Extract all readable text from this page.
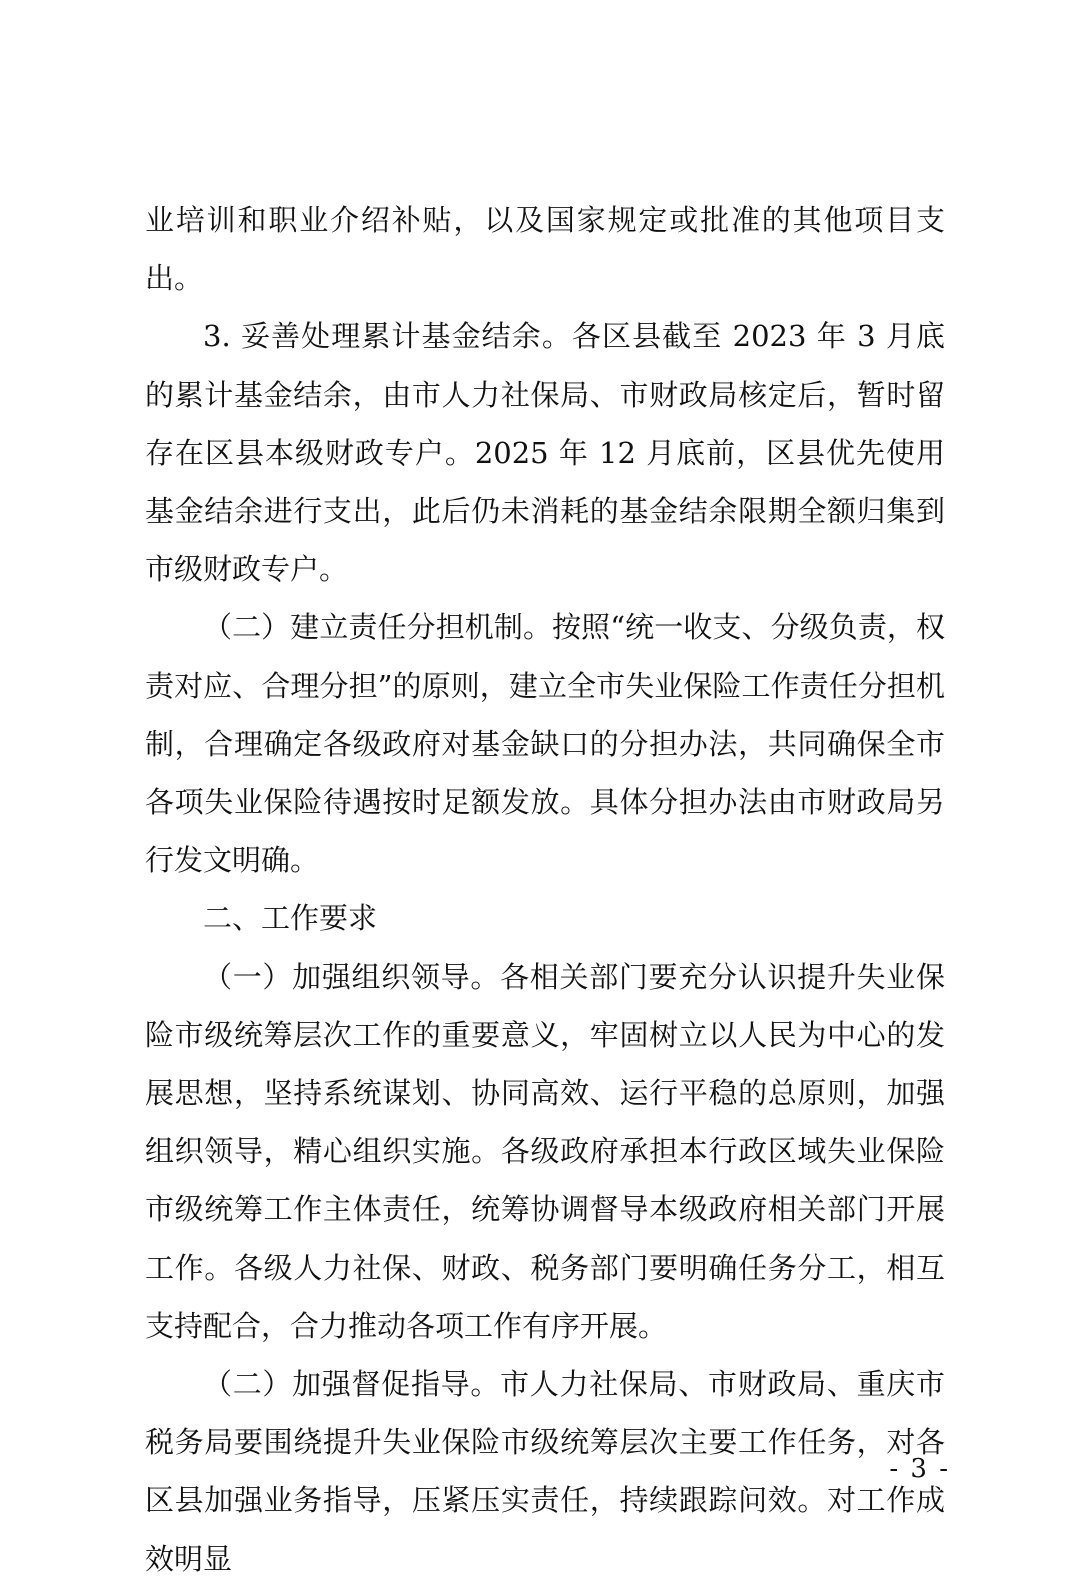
业培训和职业介绍补贴，以及国家规定或批准的其他项目支出。

3. 妥善处理累计基金结余。各区县截至 2023 年 3 月底的累计基金结余，由市人力社保局、市财政局核定后，暂时留存在区县本级财政专户。2025 年 12 月底前，区县优先使用基金结余进行支出，此后仍未消耗的基金结余限期全额归集到市级财政专户。

（二）建立责任分担机制。按照“统一收支、分级负责，权责对应、合理分担”的原则，建立全市失业保险工作责任分担机制，合理确定各级政府对基金缺口的分担办法，共同确保全市各项失业保险待遇按时足额发放。具体分担办法由市财政局另行发文明确。

二、工作要求

（一）加强组织领导。各相关部门要充分认识提升失业保险市级统筹层次工作的重要意义，牢固树立以人民为中心的发展思想，坚持系统谋划、协同高效、运行平稳的总原则，加强组织领导，精心组织实施。各级政府承担本行政区域失业保险市级统筹工作主体责任，统筹协调督导本级政府相关部门开展工作。各级人力社保、财政、税务部门要明确任务分工，相互支持配合，合力推动各项工作有序开展。

（二）加强督促指导。市人力社保局、市财政局、重庆市税务局要围绕提升失业保险市级统筹层次主要工作任务，对各区县加强业务指导，压紧压实责任，持续跟踪问效。对工作成效明显

- 3 -
